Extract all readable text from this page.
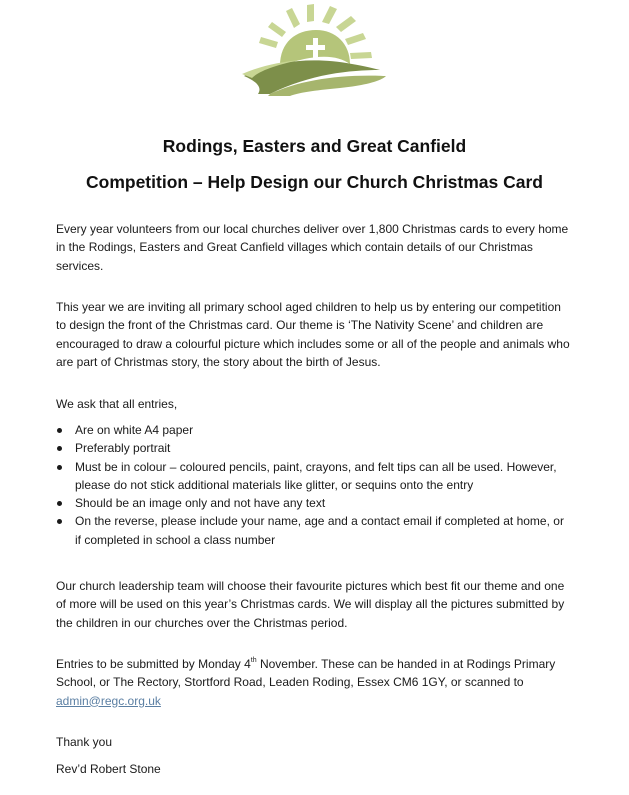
Rodings, Easters and Great Canfield
Competition – Help Design our Church Christmas Card

Every year volunteers from our local churches deliver over 1,800 Christmas cards to every home in the Rodings, Easters and Great Canfield villages which contain details of our Christmas services.

This year we are inviting all primary school aged children to help us by entering our competition to design the front of the Christmas card. Our theme is ‘The Nativity Scene’ and children are encouraged to draw a colourful picture which includes some or all of the people and animals who are part of Christmas story, the story about the birth of Jesus.

We ask that all entries,

Are on white A4 paper
Preferably portrait
Must be in colour – coloured pencils, paint, crayons, and felt tips can all be used. However, please do not stick additional materials like glitter, or sequins onto the entry
Should be an image only and not have any text
On the reverse, please include your name, age and a contact email if completed at home, or if completed in school a class number

Our church leadership team will choose their favourite pictures which best fit our theme and one of more will be used on this year’s Christmas cards. We will display all the pictures submitted by the children in our churches over the Christmas period.

Entries to be submitted by Monday 4th November. These can be handed in at Rodings Primary School, or The Rectory, Stortford Road, Leaden Roding, Essex CM6 1GY, or scanned to
admin@regc.org.uk

Thank you

Rev’d Robert Stone
